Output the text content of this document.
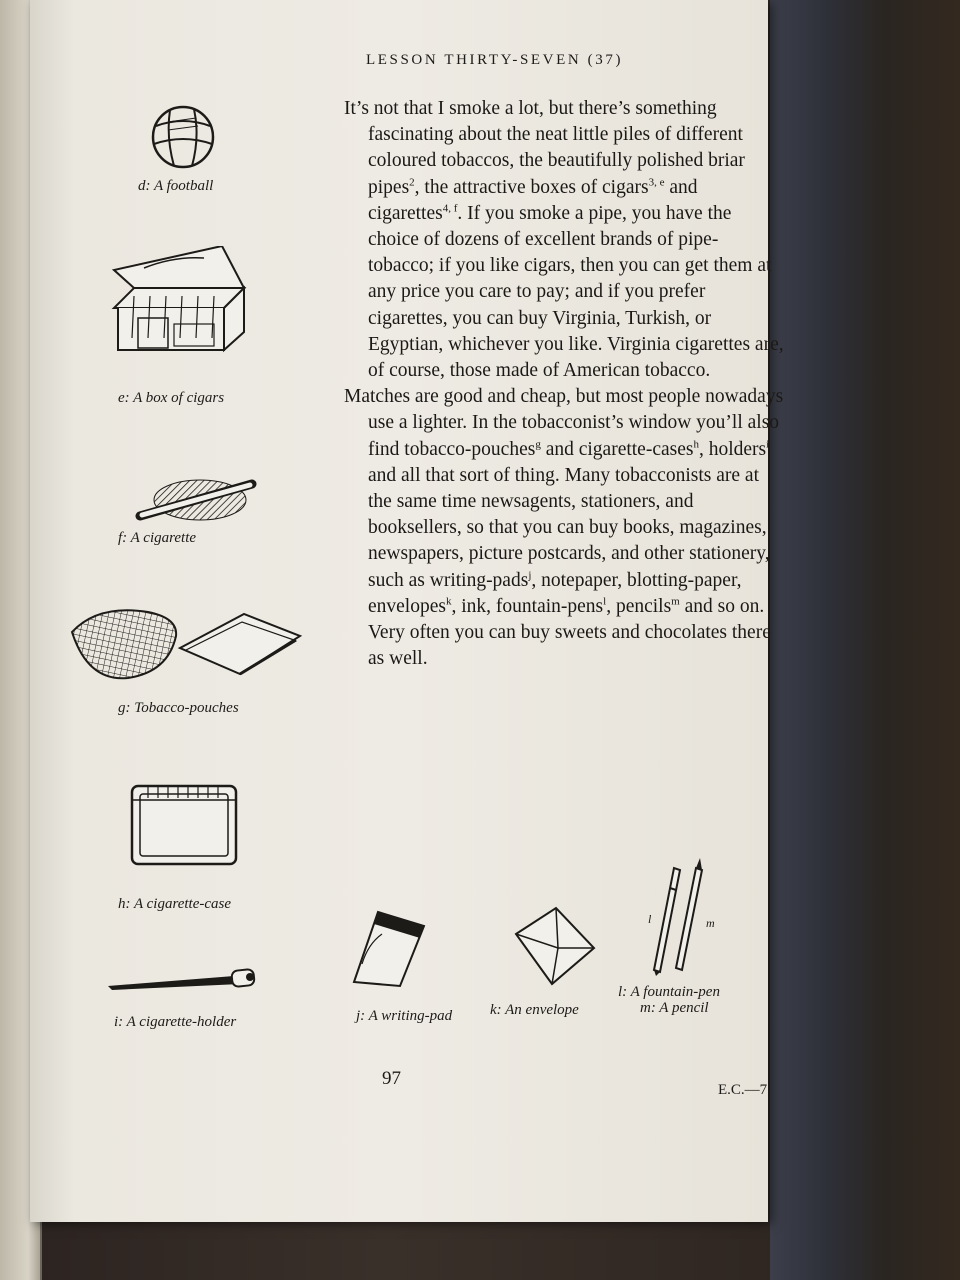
LESSON THIRTY-SEVEN (37)

It’s not that I smoke a lot, but there’s something fascinating about the neat little piles of different coloured tobaccos, the beautifully polished briar pipes$^2$, the attractive boxes of cigars$^{3, e}$ and cigarettes$^{4, f}$. If you smoke a pipe, you have the choice of dozens of excellent brands of pipe-tobacco; if you like cigars, then you can get them at any price you care to pay; and if you prefer cigarettes, you can buy Virginia, Turkish, or Egyptian, whichever you like. Virginia cigarettes are, of course, those made of American tobacco.

Matches are good and cheap, but most people nowadays use a lighter. In the tobacconist’s window you’ll also find tobacco-pouches$^g$ and cigarette-cases$^h$, holders$^i$ and all that sort of thing. Many tobacconists are at the same time newsagents, stationers, and booksellers, so that you can buy books, magazines, newspapers, picture postcards, and other stationery, such as writing-pads$^j$, notepaper, blotting-paper, envelopes$^k$, ink, fountain-pens$^l$, pencils$^m$ and so on. Very often you can buy sweets and chocolates there as well.

d: A football
e: A box of cigars
f: A cigarette
g: Tobacco-pouches
h: A cigarette-case
i: A cigarette-holder	j: A writing-pad	k: An envelope
l	m
l: A fountain-pen
m: A pencil
97
E.C.—7
